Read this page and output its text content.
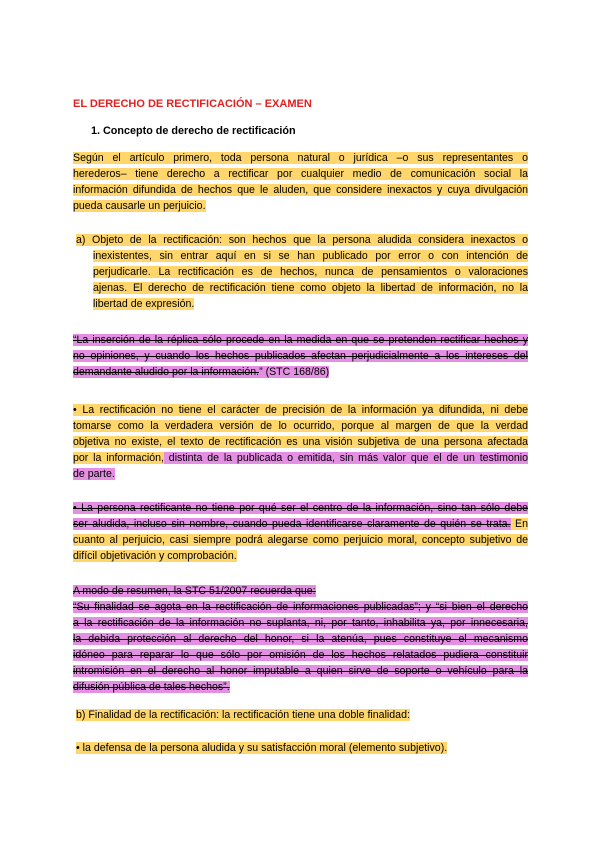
EL DERECHO DE RECTIFICACIÓN – EXAMEN
1. Concepto de derecho de rectificación
Según el artículo primero, toda persona natural o jurídica –o sus representantes o
herederos– tiene derecho a rectificar por cualquier medio de comunicación social la
información difundida de hechos que le aluden, que considere inexactos y cuya divulgación
pueda causarle un perjuicio.
a) Objeto de la rectificación: son hechos que la persona aludida considera inexactos o
inexistentes, sin entrar aquí en si se han publicado por error o con intención de
perjudicarle. La rectificación es de hechos, nunca de pensamientos o valoraciones
ajenas. El derecho de rectificación tiene como objeto la libertad de información, no la
libertad de expresión.
“La inserción de la réplica sólo procede en la medida en que se pretenden rectificar hechos y
no opiniones, y cuando los hechos publicados afectan perjudicialmente a los intereses del
demandante aludido por la información.” (STC 168/86)
• La rectificación no tiene el carácter de precisión de la información ya difundida, ni debe
tomarse como la verdadera versión de lo ocurrido, porque al margen de que la verdad
objetiva no existe, el texto de rectificación es una visión subjetiva de una persona afectada
por la información, distinta de la publicada o emitida, sin más valor que el de un testimonio
de parte.
• La persona rectificante no tiene por qué ser el centro de la información, sino tan sólo debe
ser aludida, incluso sin nombre, cuando pueda identificarse claramente de quién se trata. En
cuanto al perjuicio, casi siempre podrá alegarse como perjuicio moral, concepto subjetivo de
difícil objetivación y comprobación.
A modo de resumen, la STC 51/2007 recuerda que:
“Su finalidad se agota en la rectificación de informaciones publicadas”; y “si bien el derecho
a la rectificación de la información no suplanta, ni, por tanto, inhabilita ya, por innecesaria,
la debida protección al derecho del honor, si la atenúa, pues constituye el mecanismo
idóneo para reparar lo que sólo por omisión de los hechos relatados pudiera constituir
intromisión en el derecho al honor imputable a quien sirve de soporte o vehículo para la
difusión pública de tales hechos”.
b) Finalidad de la rectificación: la rectificación tiene una doble finalidad:
• la defensa de la persona aludida y su satisfacción moral (elemento subjetivo).
